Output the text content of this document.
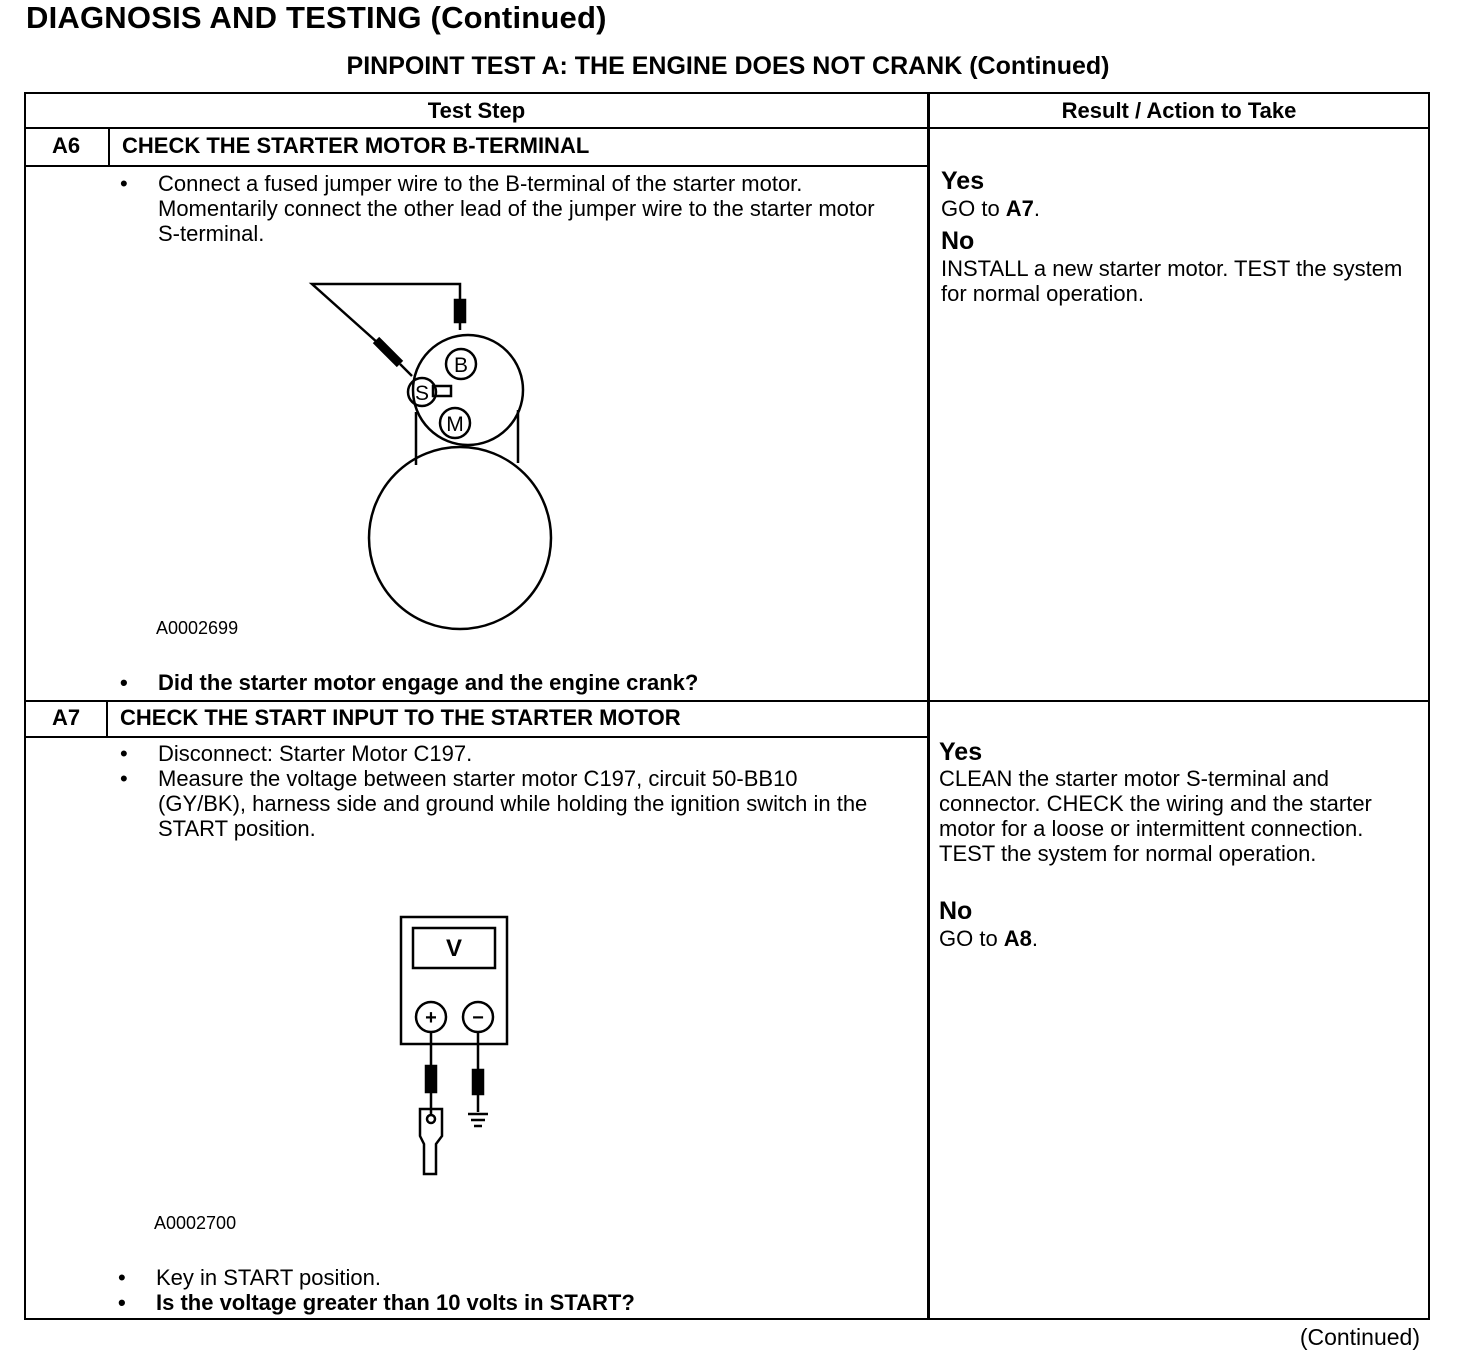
DIAGNOSIS AND TESTING (Continued)
PINPOINT TEST A: THE ENGINE DOES NOT CRANK (Continued)
Test Step	Result / Action to Take
A6	CHECK THE STARTER MOTOR B-TERMINAL
• Connect a fused jumper wire to the B-terminal of the starter motor. Momentarily connect the other lead of the jumper wire to the starter motor S-terminal.
B
S
M
A0002699
• Did the starter motor engage and the engine crank?
Yes
GO to A7.
No
INSTALL a new starter motor. TEST the system for normal operation.
A7	CHECK THE START INPUT TO THE STARTER MOTOR
• Disconnect: Starter Motor C197.
• Measure the voltage between starter motor C197, circuit 50-BB10 (GY/BK), harness side and ground while holding the ignition switch in the START position.
V
+ −
A0002700
• Key in START position.
• Is the voltage greater than 10 volts in START?
Yes
CLEAN the starter motor S-terminal and connector. CHECK the wiring and the starter motor for a loose or intermittent connection. TEST the system for normal operation.
No
GO to A8.
(Continued)
